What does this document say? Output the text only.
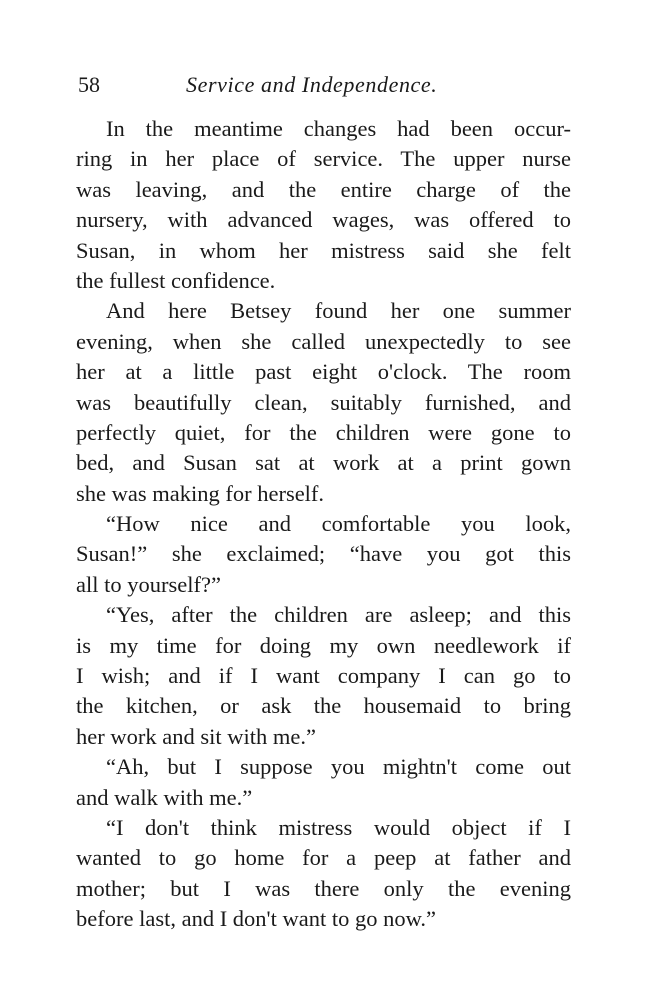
58	Service and Independence.
In the meantime changes had been occur-
ring in her place of service. The upper nurse
was leaving, and the entire charge of the
nursery, with advanced wages, was offered to
Susan, in whom her mistress said she felt
the fullest confidence.
And here Betsey found her one summer
evening, when she called unexpectedly to see
her at a little past eight o'clock. The room
was beautifully clean, suitably furnished, and
perfectly quiet, for the children were gone to
bed, and Susan sat at work at a print gown
she was making for herself.
“How nice and comfortable you look,
Susan!” she exclaimed; “have you got this
all to yourself?”
“Yes, after the children are asleep; and this
is my time for doing my own needlework if
I wish; and if I want company I can go to
the kitchen, or ask the housemaid to bring
her work and sit with me.”
“Ah, but I suppose you mightn't come out
and walk with me.”
“I don't think mistress would object if I
wanted to go home for a peep at father and
mother; but I was there only the evening
before last, and I don't want to go now.”
